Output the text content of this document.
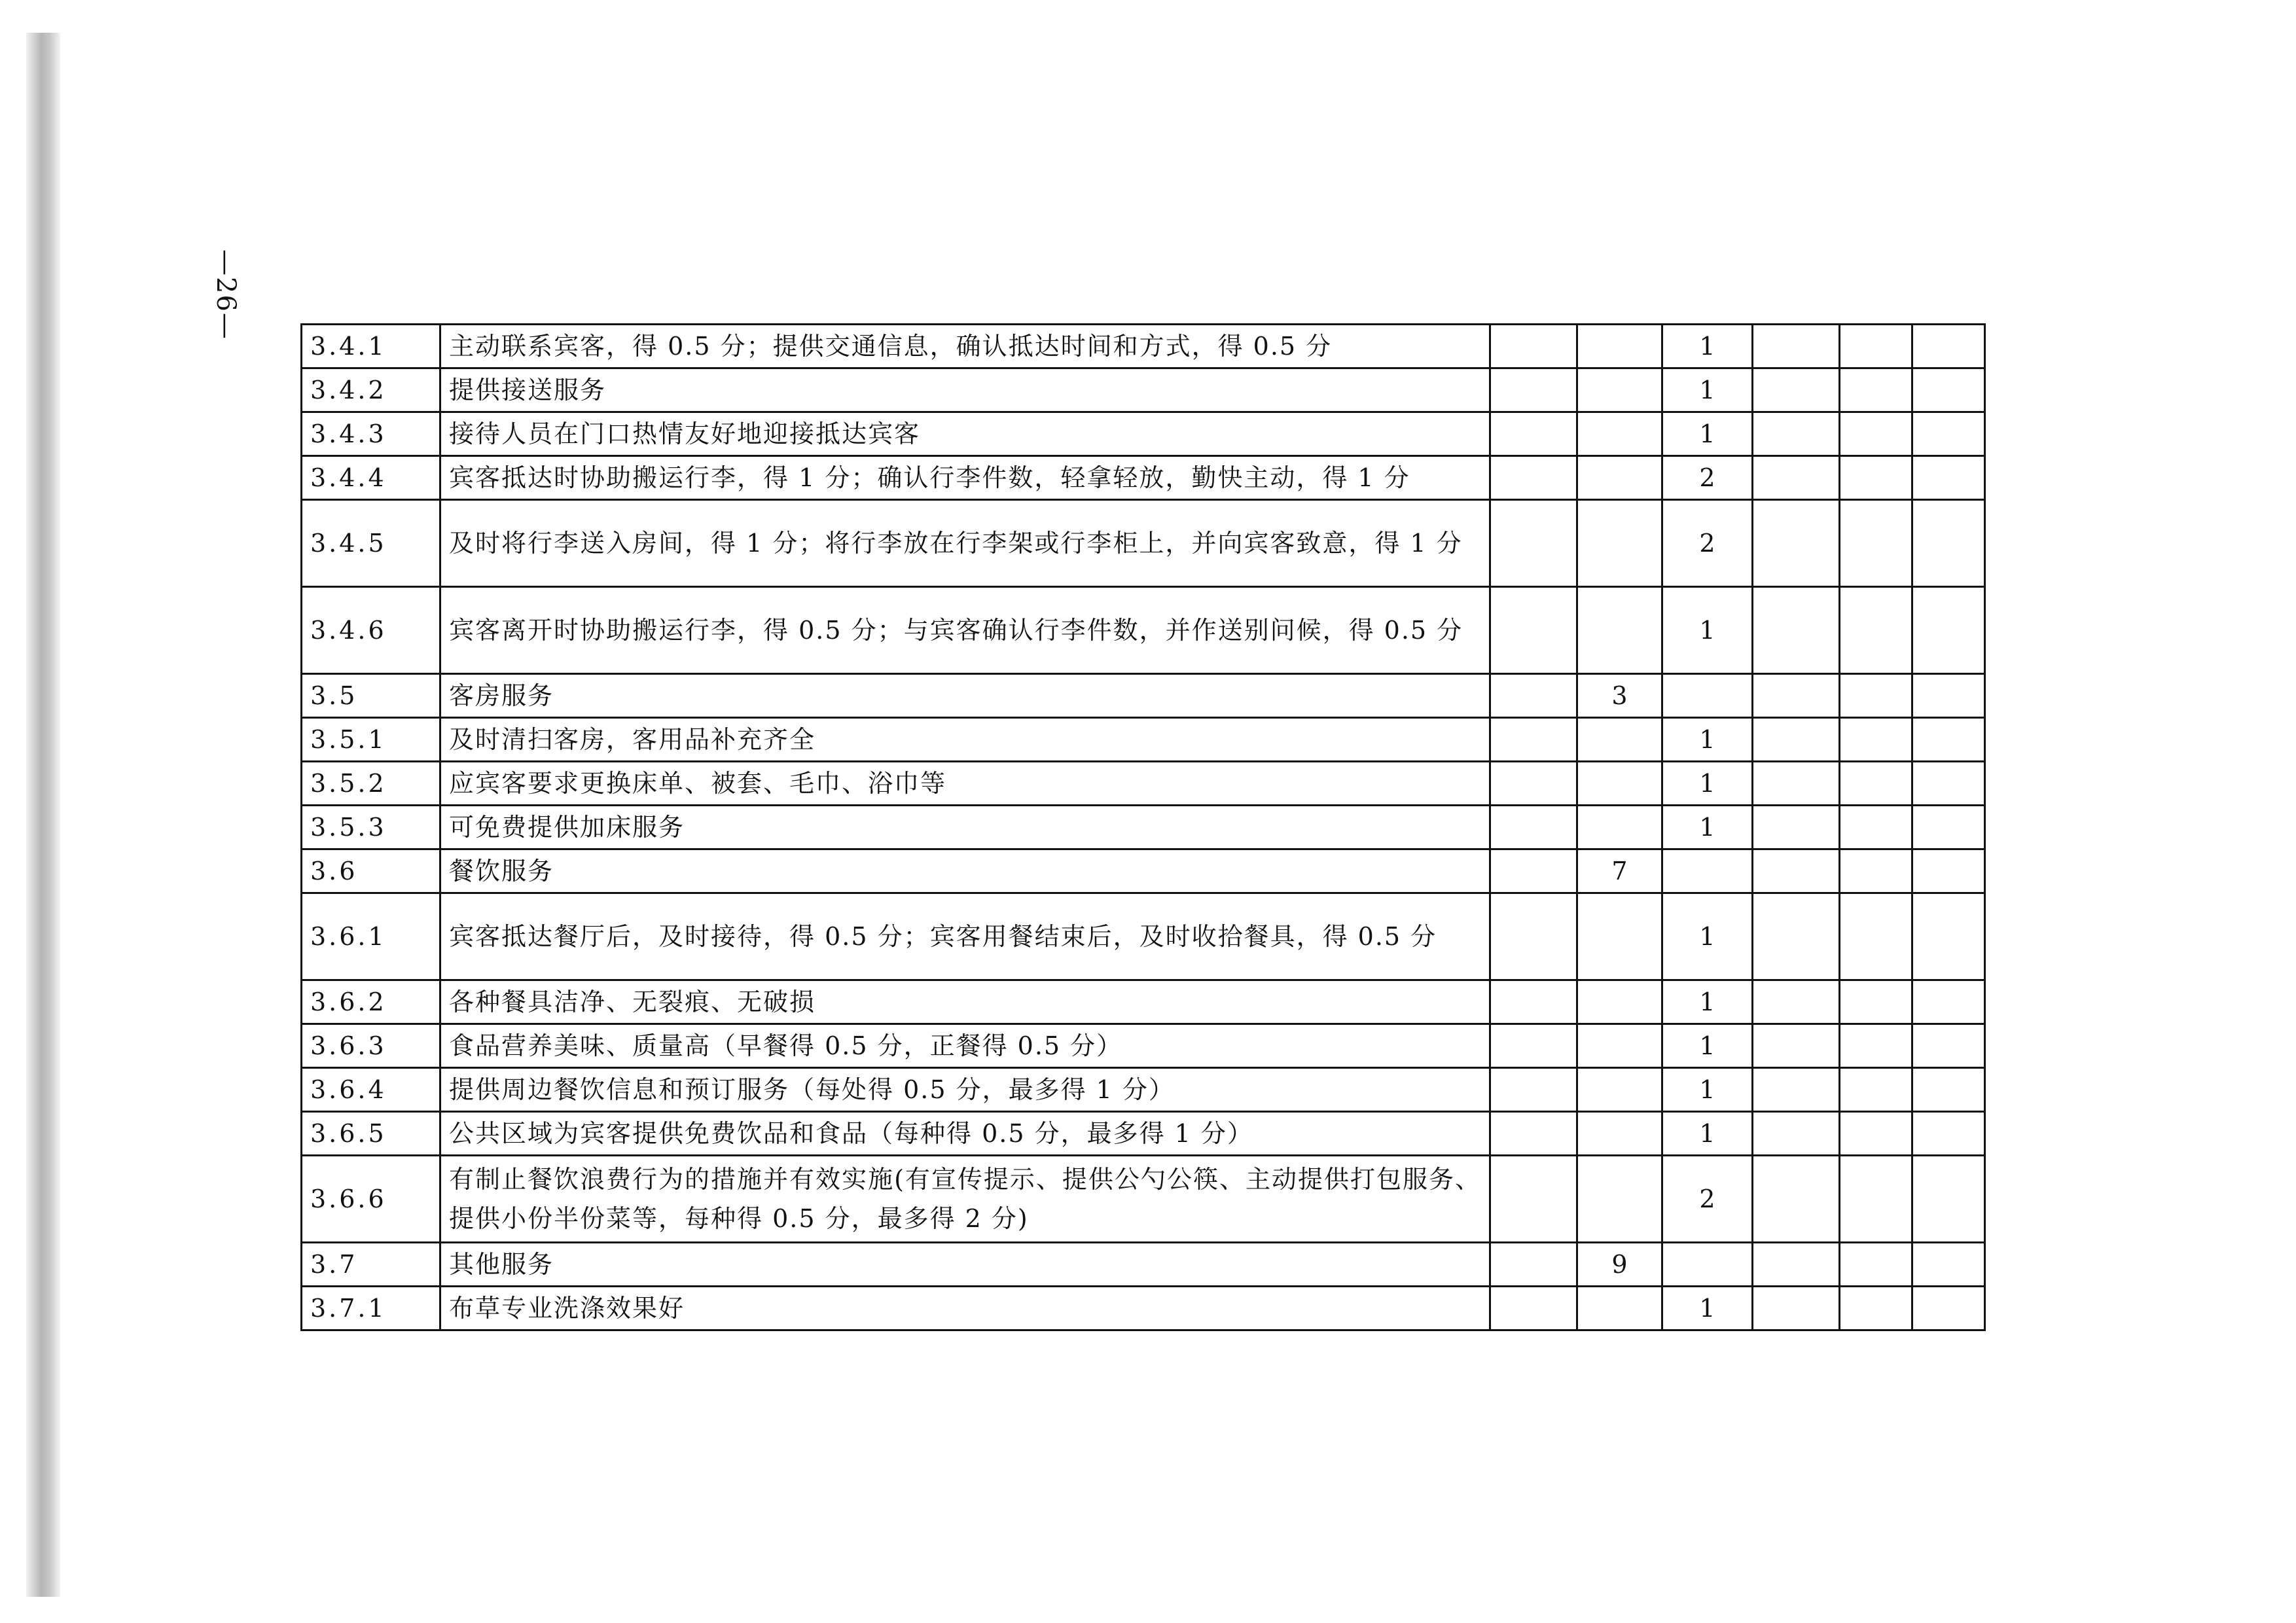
—26—
3.4.1	主动联系宾客，得 0.5 分；提供交通信息，确认抵达时间和方式，得 0.5 分			1			
3.4.2	提供接送服务			1			
3.4.3	接待人员在门口热情友好地迎接抵达宾客			1			
3.4.4	宾客抵达时协助搬运行李，得 1 分；确认行李件数，轻拿轻放，勤快主动，得 1 分			2			
3.4.5	及时将行李送入房间，得 1 分；将行李放在行李架或行李柜上，并向宾客致意，得 1 分			2			
3.4.6	宾客离开时协助搬运行李，得 0.5 分；与宾客确认行李件数，并作送别问候，得 0.5 分			1			
3.5	客房服务		3				
3.5.1	及时清扫客房，客用品补充齐全			1			
3.5.2	应宾客要求更换床单、被套、毛巾、浴巾等			1			
3.5.3	可免费提供加床服务			1			
3.6	餐饮服务		7				
3.6.1	宾客抵达餐厅后，及时接待，得 0.5 分；宾客用餐结束后，及时收拾餐具，得 0.5 分			1			
3.6.2	各种餐具洁净、无裂痕、无破损			1			
3.6.3	食品营养美味、质量高（早餐得 0.5 分，正餐得 0.5 分）			1			
3.6.4	提供周边餐饮信息和预订服务（每处得 0.5 分，最多得 1 分）			1			
3.6.5	公共区域为宾客提供免费饮品和食品（每种得 0.5 分，最多得 1 分）			1			
3.6.6	有制止餐饮浪费行为的措施并有效实施(有宣传提示、提供公勺公筷、主动提供打包服务、提供小份半份菜等，每种得 0.5 分，最多得 2 分)			2			
3.7	其他服务		9				
3.7.1	布草专业洗涤效果好			1			
